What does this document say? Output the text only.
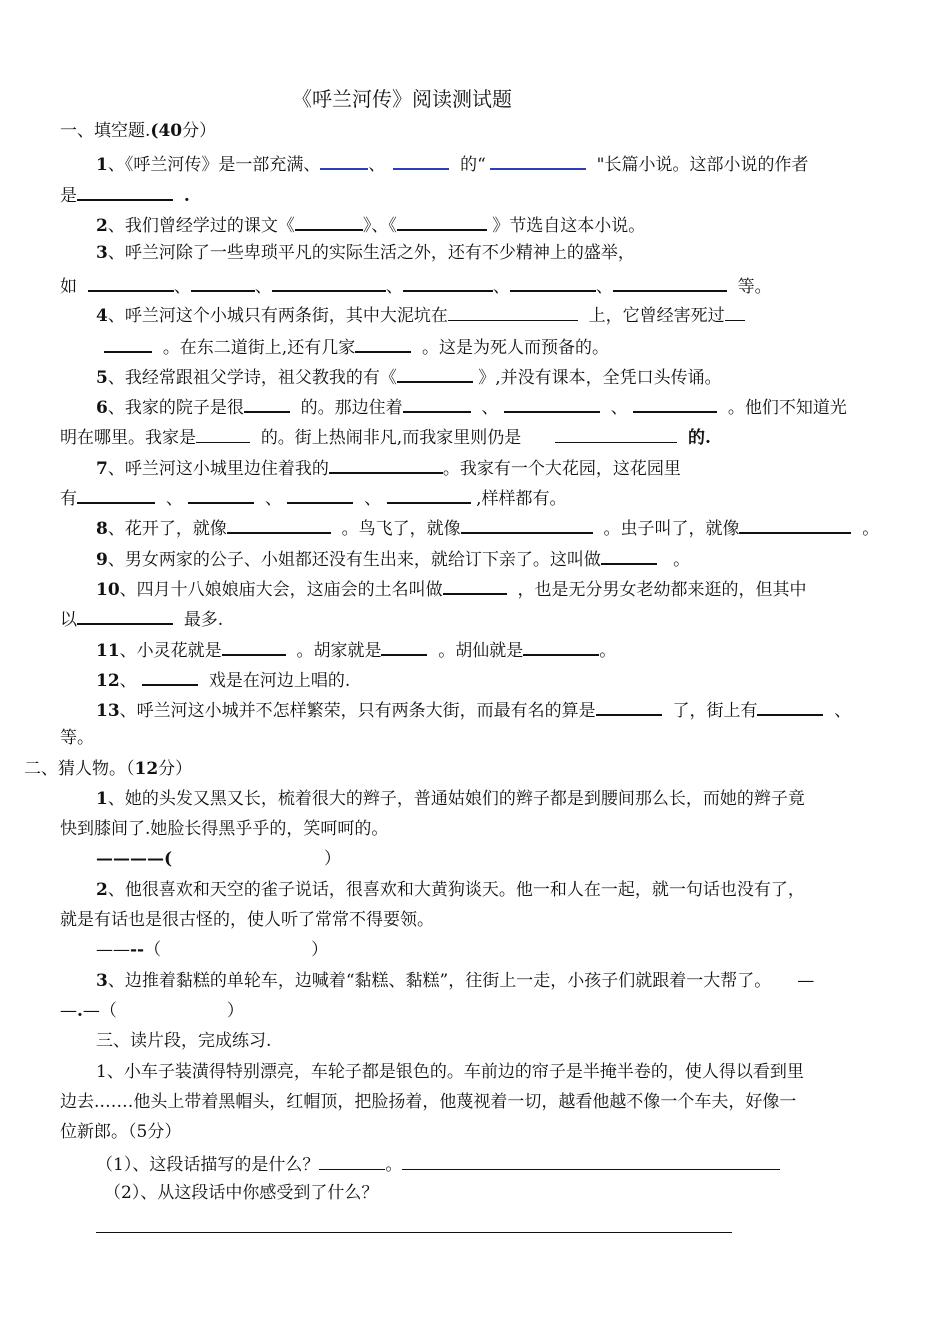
《呼兰河传》阅读测试题
一、填空题.(40分）
1、《呼兰河传》是一部充满、	、	的“	"长篇小说。这部小说的作者
是	.
2、我们曾经学过的课文《	》、《	》节选自这本小说。
3、呼兰河除了一些卑琐平凡的实际生活之外，还有不少精神上的盛举，
如	、	、	、	、	、	等。
4、呼兰河这个小城只有两条街，其中大泥坑在	上，它曾经害死过
。在东二道街上,还有几家	。这是为死人而预备的。
5、我经常跟祖父学诗，祖父教我的有《	》,并没有课本，全凭口头传诵。
6、我家的院子是很	的。那边住着	、	、	。他们不知道光
明在哪里。我家是	的。街上热闹非凡,而我家里则仍是	的.
7、呼兰河这小城里边住着我的	。我家有一个大花园，这花园里
有	、	、	、	,样样都有。
8、花开了，就像	。鸟飞了，就像	。虫子叫了，就像	。
9、男女两家的公子、小姐都还没有生出来，就给订下亲了。这叫做	。
10、四月十八娘娘庙大会，这庙会的土名叫做	，也是无分男女老幼都来逛的，但其中
以	最多.
11、小灵花就是	。胡家就是	。胡仙就是	。
12、	戏是在河边上唱的.
13、呼兰河这小城并不怎样繁荣，只有两条大街，而最有名的算是	了，街上有	、
等。
二、猜人物。（12分）
1、她的头发又黑又长，梳着很大的辫子，普通姑娘们的辫子都是到腰间那么长，而她的辫子竟
快到膝间了.她脸长得黑乎乎的，笑呵呵的。
————(	）
2、他很喜欢和天空的雀子说话，很喜欢和大黄狗谈天。他一和人在一起，就一句话也没有了，
就是有话也是很古怪的，使人听了常常不得要领。
——--（	）
3、边推着黏糕的单轮车，边喊着“黏糕、黏糕”，往街上一走，小孩子们就跟着一大帮了。 —
—.—（	）
三、读片段，完成练习.
1、小车子装潢得特别漂亮，车轮子都是银色的。车前边的帘子是半掩半卷的，使人得以看到里
边去.……他头上带着黑帽头，红帽顶，把脸扬着，他蔑视着一切，越看他越不像一个车夫，好像一
位新郎。（5分）
（1）、这段话描写的是什么？	。
（2）、从这段话中你感受到了什么？
